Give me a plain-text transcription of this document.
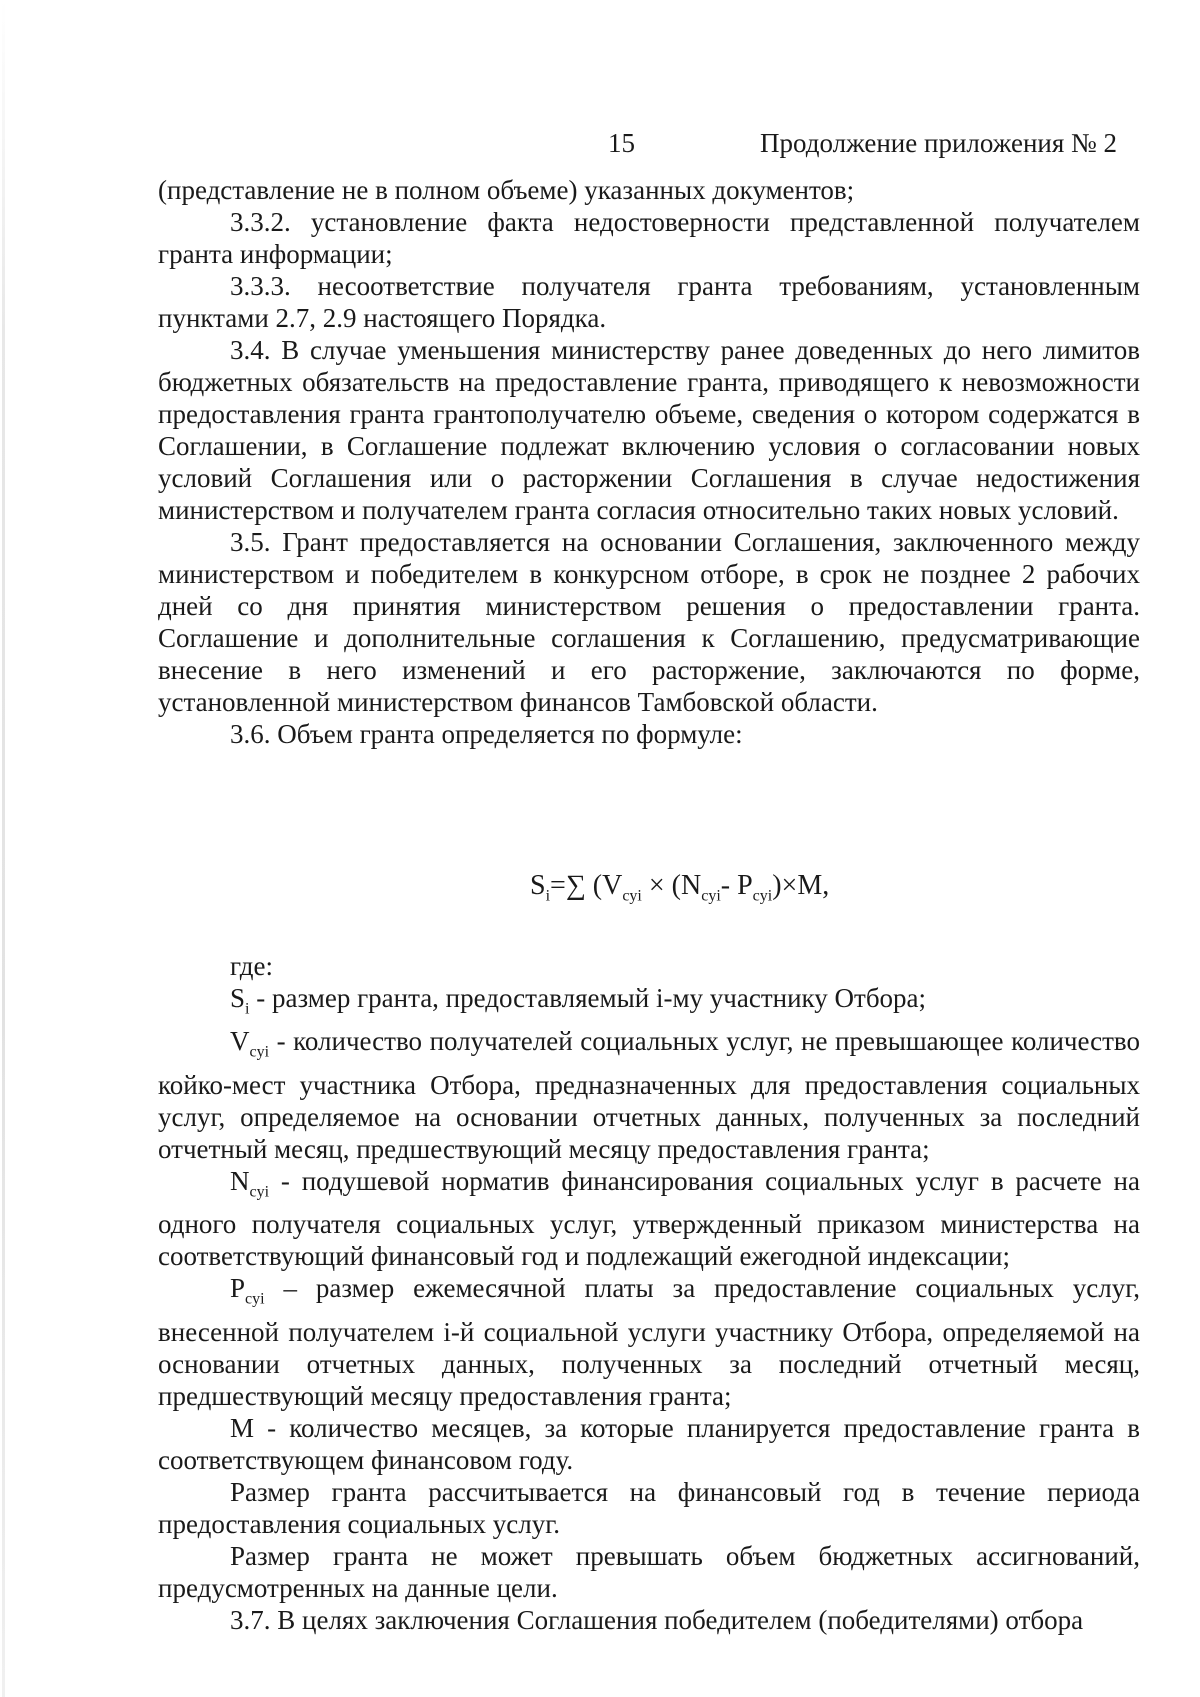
15	Продолжение приложения № 2

(представление не в полном объеме) указанных документов;

3.3.2. установление факта недостоверности представленной получателем гранта информации;

3.3.3. несоответствие получателя гранта требованиям, установленным пунктами 2.7, 2.9 настоящего Порядка.

3.4. В случае уменьшения министерству ранее доведенных до него лимитов бюджетных обязательств на предоставление гранта, приводящего к невозможности предоставления гранта грантополучателю объеме, сведения о котором содержатся в Соглашении, в Соглашение подлежат включению условия о согласовании новых условий Соглашения или о расторжении Соглашения в случае недостижения министерством и получателем гранта согласия относительно таких новых условий.

3.5. Грант предоставляется на основании Соглашения, заключенного между министерством и победителем в конкурсном отборе, в срок не позднее 2 рабочих дней со дня принятия министерством решения о предоставлении гранта. Соглашение и дополнительные соглашения к Соглашению, предусматривающие внесение в него изменений и его расторжение, заключаются по форме, установленной министерством финансов Тамбовской области.

3.6. Объем гранта определяется по формуле:

$S_i=\sum$ ($V_{cyi} \times (N_{cyi}-$ $P_{cyi})\times M$,

где:

$S_i$ - размер гранта, предоставляемый i-му участнику Отбора;

$V_{cyi}$ - количество получателей социальных услуг, не превышающее количество койко-мест участника Отбора, предназначенных для предоставления социальных услуг, определяемое на основании отчетных данных, полученных за последний отчетный месяц, предшествующий месяцу предоставления гранта;

$N_{cyi}$ - подушевой норматив финансирования социальных услуг в расчете на одного получателя социальных услуг, утвержденный приказом министерства на соответствующий финансовый год и подлежащий ежегодной индексации;

$P_{cyi}$ – размер ежемесячной платы за предоставление социальных услуг, внесенной получателем i-й социальной услуги участнику Отбора, определяемой на основании отчетных данных, полученных за последний отчетный месяц, предшествующий месяцу предоставления гранта;

М - количество месяцев, за которые планируется предоставление гранта в соответствующем финансовом году.

Размер гранта рассчитывается на финансовый год в течение периода предоставления социальных услуг.

Размер гранта не может превышать объем бюджетных ассигнований, предусмотренных на данные цели.

3.7. В целях заключения Соглашения победителем (победителями) отбора
